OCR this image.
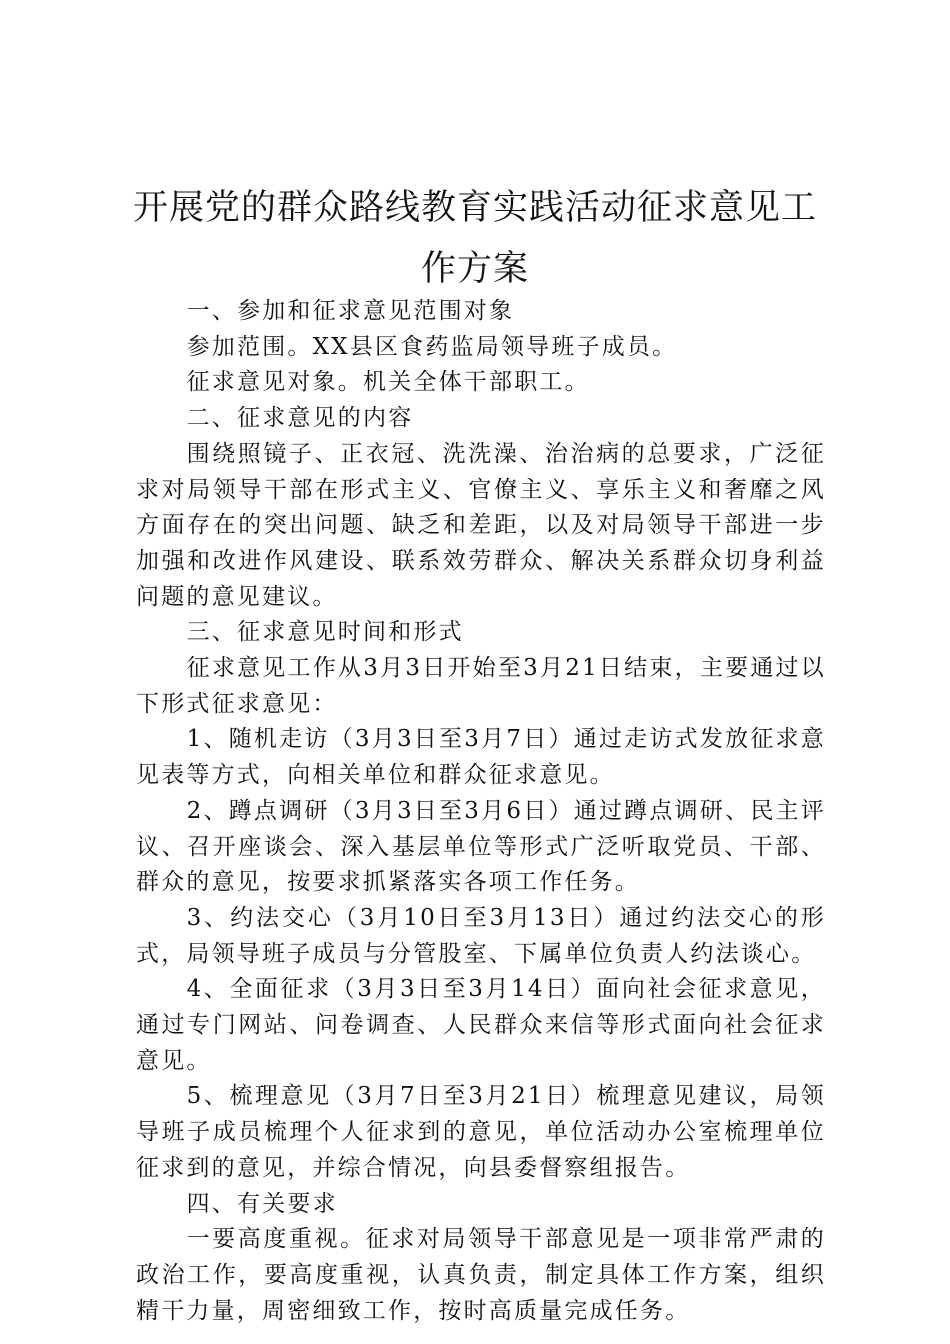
开展党的群众路线教育实践活动征求意见工作方案

一、参加和征求意见范围对象

参加范围。XX县区食药监局领导班子成员。

征求意见对象。机关全体干部职工。

二、征求意见的内容

围绕照镜子、正衣冠、洗洗澡、治治病的总要求，广泛征求对局领导干部在形式主义、官僚主义、享乐主义和奢靡之风方面存在的突出问题、缺乏和差距，以及对局领导干部进一步加强和改进作风建设、联系效劳群众、解决关系群众切身利益问题的意见建议。

三、征求意见时间和形式

征求意见工作从3月3日开始至3月21日结束，主要通过以下形式征求意见：

1、随机走访（3月3日至3月7日）通过走访式发放征求意见表等方式，向相关单位和群众征求意见。

2、蹲点调研（3月3日至3月6日）通过蹲点调研、民主评议、召开座谈会、深入基层单位等形式广泛听取党员、干部、群众的意见，按要求抓紧落实各项工作任务。

3、约法交心（3月10日至3月13日）通过约法交心的形式，局领导班子成员与分管股室、下属单位负责人约法谈心。

4、全面征求（3月3日至3月14日）面向社会征求意见，通过专门网站、问卷调查、人民群众来信等形式面向社会征求意见。

5、梳理意见（3月7日至3月21日）梳理意见建议，局领导班子成员梳理个人征求到的意见，单位活动办公室梳理单位征求到的意见，并综合情况，向县委督察组报告。

四、有关要求

一要高度重视。征求对局领导干部意见是一项非常严肃的政治工作，要高度重视，认真负责，制定具体工作方案，组织精干力量，周密细致工作，按时高质量完成任务。
